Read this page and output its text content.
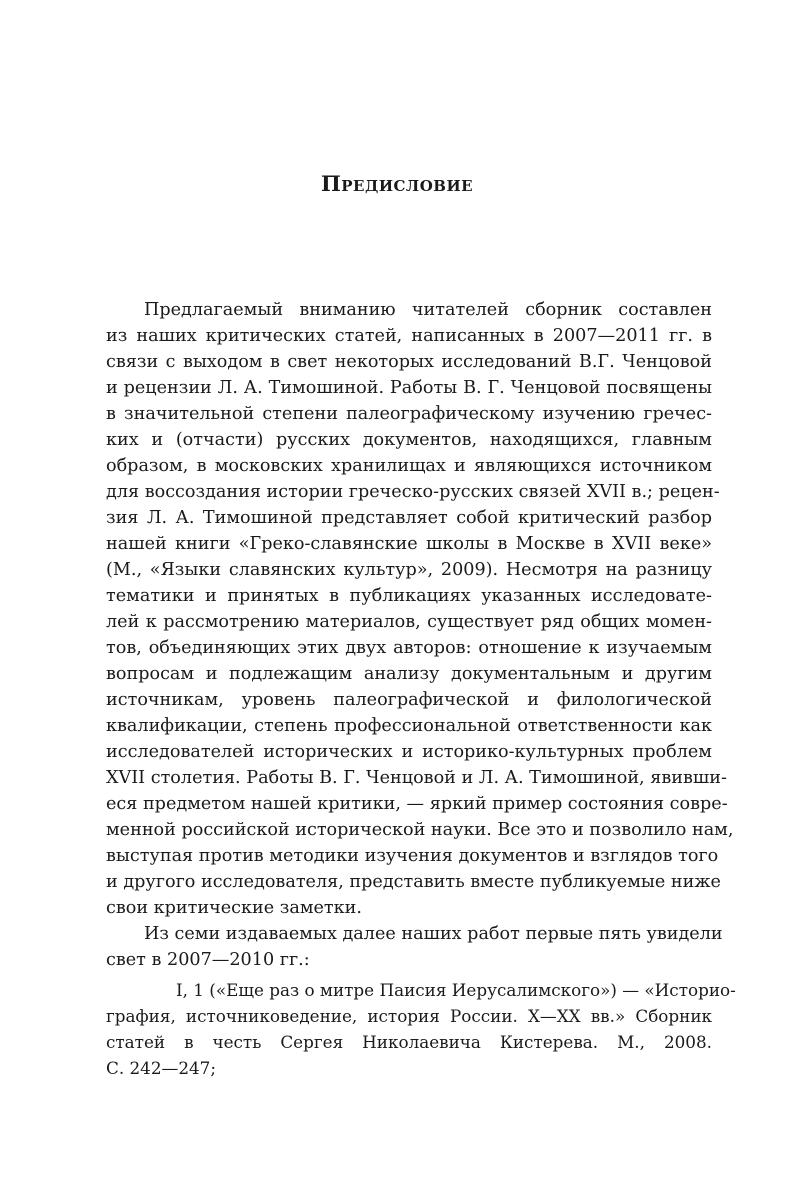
Предисловие
Предлагаемый вниманию читателей сборник составлен
из наших критических статей, написанных в 2007—2011 гг. в
связи с выходом в свет некоторых исследований В.Г. Ченцовой
и рецензии Л. А. Тимошиной. Работы В. Г. Ченцовой посвящены
в значительной степени палеографическому изучению гречес-
ких и (отчасти) русских документов, находящихся, главным
образом, в московских хранилищах и являющихся источником
для воссоздания истории греческо-русских связей XVII в.; рецен-
зия Л. А. Тимошиной представляет собой критический разбор
нашей книги «Греко-славянские школы в Москве в XVII веке»
(М., «Языки славянских культур», 2009). Несмотря на разницу
тематики и принятых в публикациях указанных исследовате-
лей к рассмотрению материалов, существует ряд общих момен-
тов, объединяющих этих двух авторов: отношение к изучаемым
вопросам и подлежащим анализу документальным и другим
источникам, уровень палеографической и филологической
квалификации, степень профессиональной ответственности как
исследователей исторических и историко-культурных проблем
XVII столетия. Работы В. Г. Ченцовой и Л. А. Тимошиной, явивши-
еся предметом нашей критики, — яркий пример состояния совре-
менной российской исторической науки. Все это и позволило нам,
выступая против методики изучения документов и взглядов того
и другого исследователя, представить вместе публикуемые ниже
свои критические заметки.
Из семи издаваемых далее наших работ первые пять увидели
свет в 2007—2010 гг.:
I, 1 («Еще раз о митре Паисия Иерусалимского») — «Историо-
графия, источниковедение, история России. X—XX вв.» Сборник
статей в честь Сергея Николаевича Кистерева. М., 2008.
С. 242—247;
